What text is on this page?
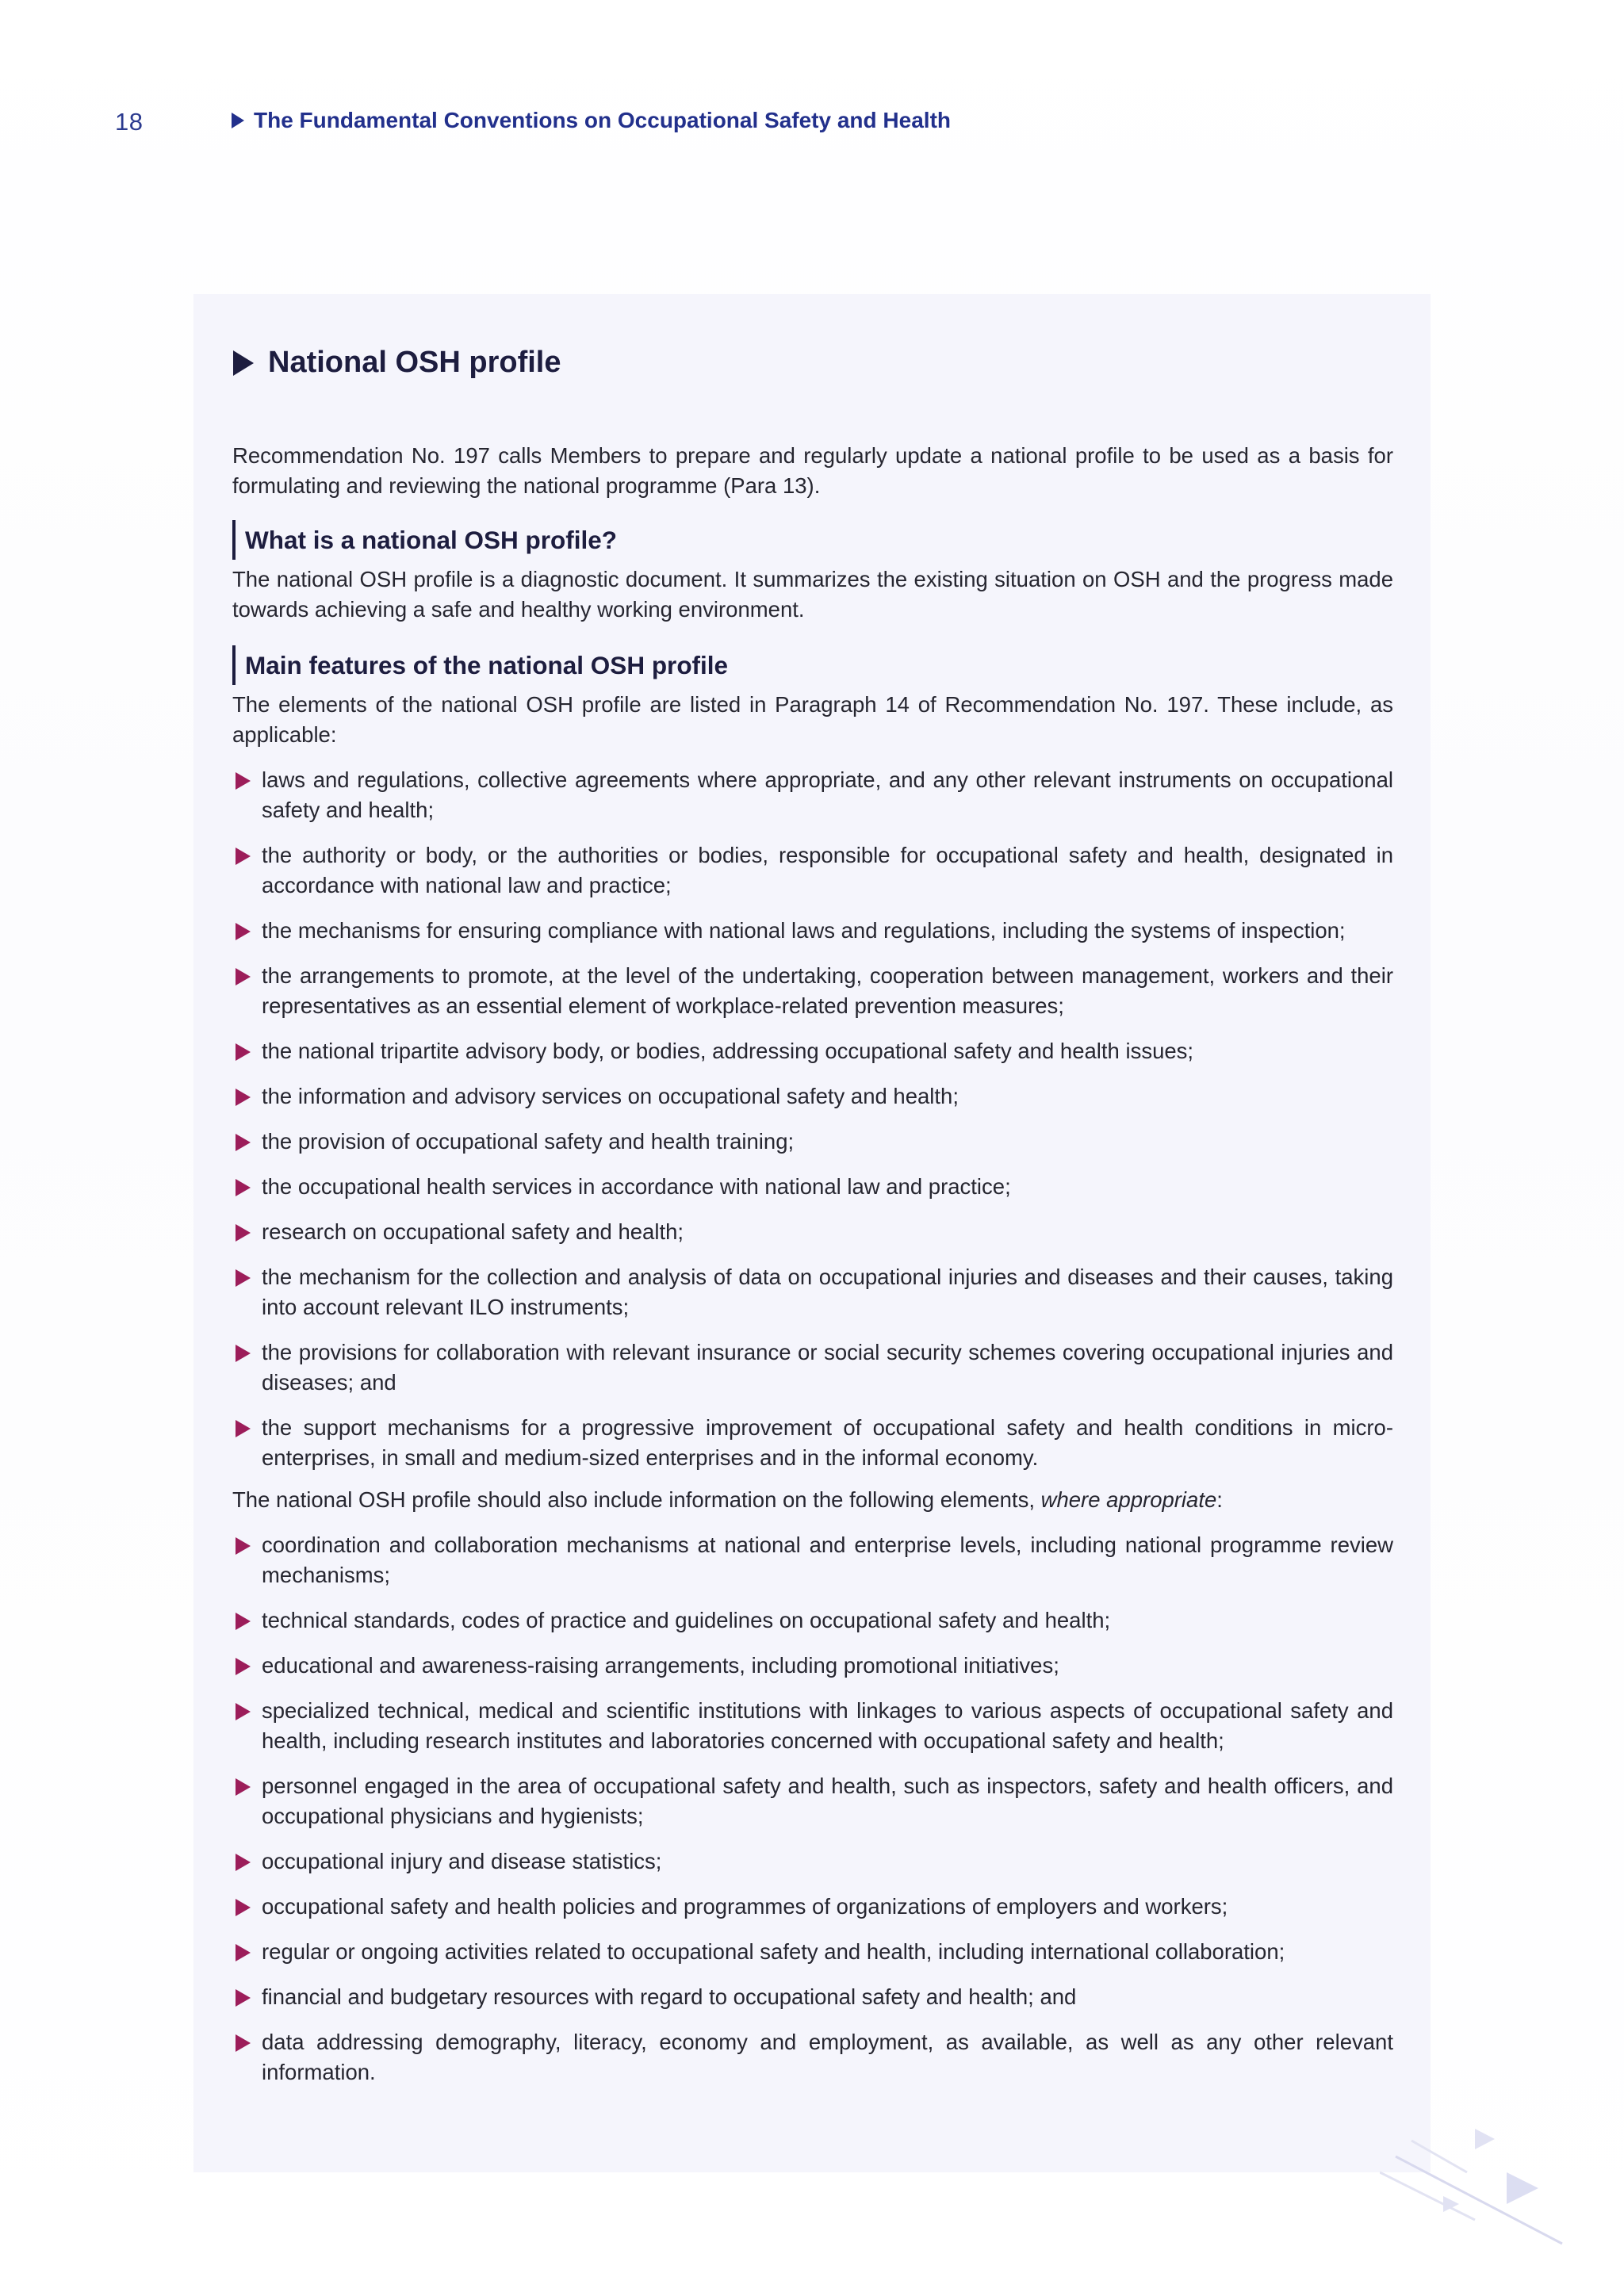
18	The Fundamental Conventions on Occupational Safety and Health
National OSH profile

Recommendation No. 197 calls Members to prepare and regularly update a national profile to be used as a basis for formulating and reviewing the national programme (Para 13).

What is a national OSH profile?

The national OSH profile is a diagnostic document. It summarizes the existing situation on OSH and the progress made towards achieving a safe and healthy working environment.

Main features of the national OSH profile

The elements of the national OSH profile are listed in Paragraph 14 of Recommendation No. 197. These include, as applicable:

laws and regulations, collective agreements where appropriate, and any other relevant instruments on occupational safety and health;
the authority or body, or the authorities or bodies, responsible for occupational safety and health, designated in accordance with national law and practice;
the mechanisms for ensuring compliance with national laws and regulations, including the systems of inspection;
the arrangements to promote, at the level of the undertaking, cooperation between management, workers and their representatives as an essential element of workplace-related prevention measures;
the national tripartite advisory body, or bodies, addressing occupational safety and health issues;
the information and advisory services on occupational safety and health;
the provision of occupational safety and health training;
the occupational health services in accordance with national law and practice;
research on occupational safety and health;
the mechanism for the collection and analysis of data on occupational injuries and diseases and their causes, taking into account relevant ILO instruments;
the provisions for collaboration with relevant insurance or social security schemes covering occupational injuries and diseases; and
the support mechanisms for a progressive improvement of occupational safety and health conditions in micro-enterprises, in small and medium-sized enterprises and in the informal economy.

The national OSH profile should also include information on the following elements, where appropriate:

coordination and collaboration mechanisms at national and enterprise levels, including national programme review mechanisms;
technical standards, codes of practice and guidelines on occupational safety and health;
educational and awareness-raising arrangements, including promotional initiatives;
specialized technical, medical and scientific institutions with linkages to various aspects of occupational safety and health, including research institutes and laboratories concerned with occupational safety and health;
personnel engaged in the area of occupational safety and health, such as inspectors, safety and health officers, and occupational physicians and hygienists;
occupational injury and disease statistics;
occupational safety and health policies and programmes of organizations of employers and workers;
regular or ongoing activities related to occupational safety and health, including international collaboration;
financial and budgetary resources with regard to occupational safety and health; and
data addressing demography, literacy, economy and employment, as available, as well as any other relevant information.
